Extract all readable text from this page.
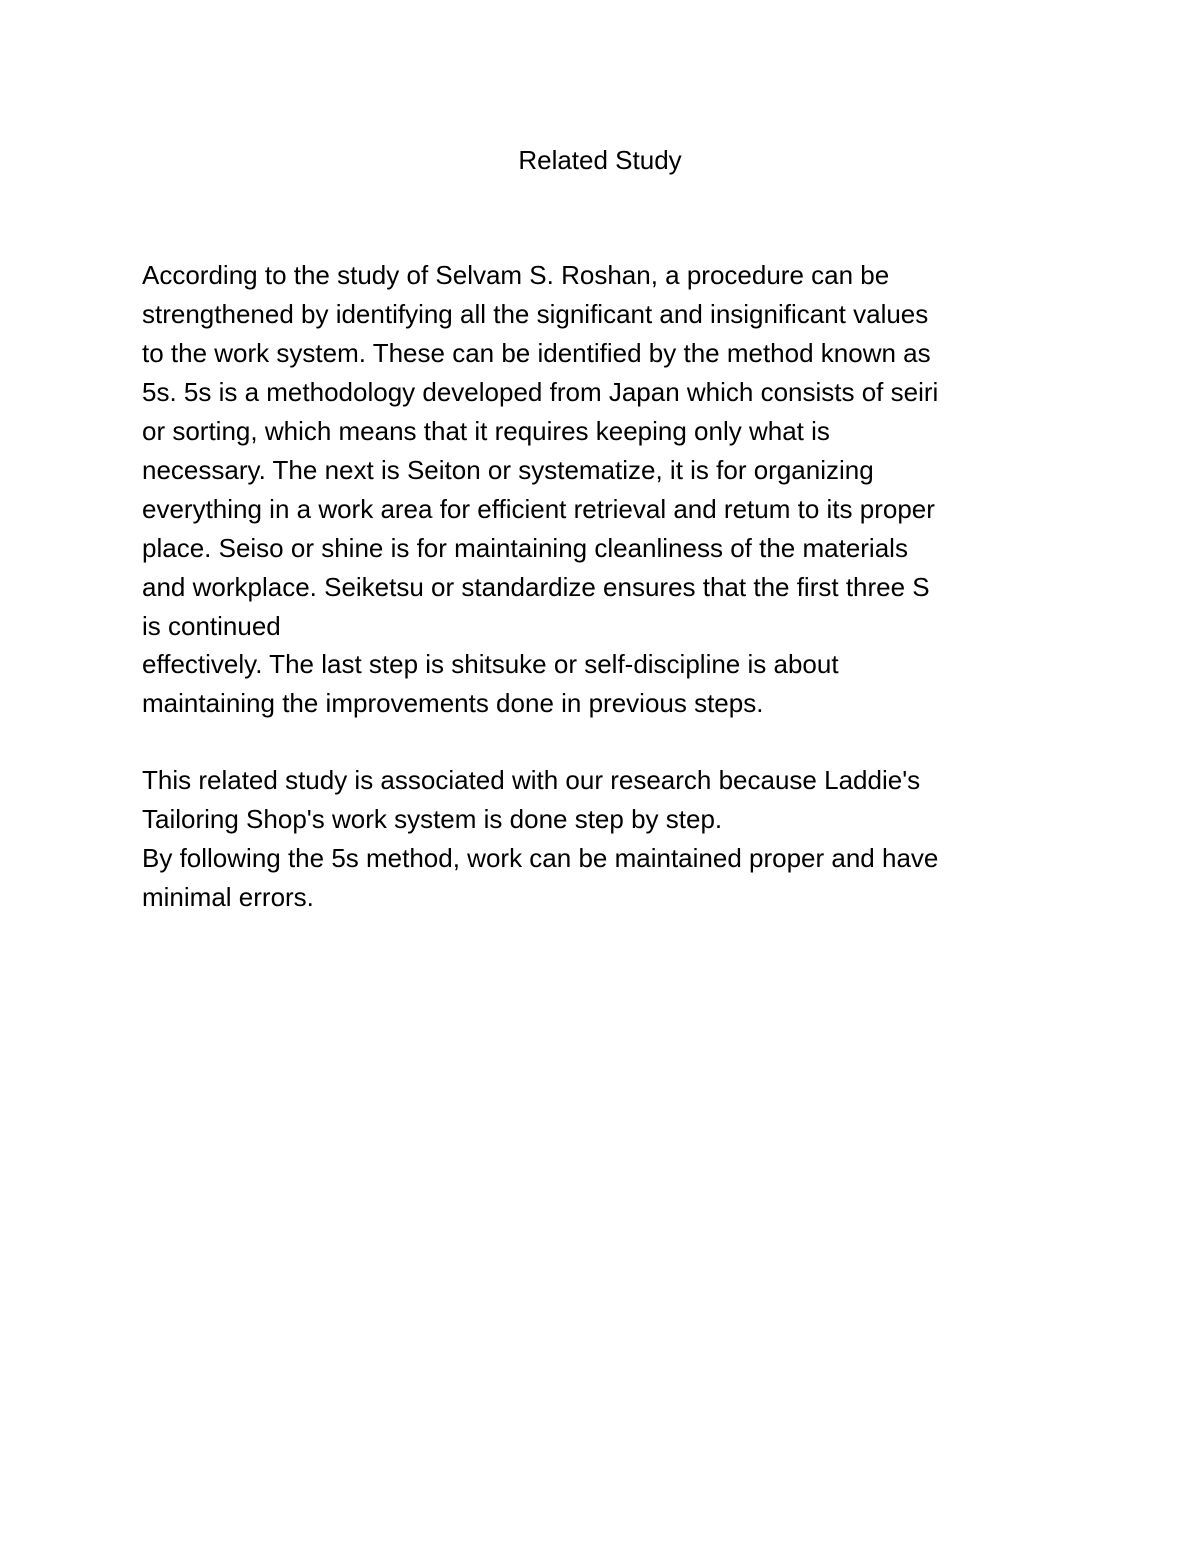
Related Study

According to the study of Selvam S. Roshan, a procedure can be

strengthened by identifying all the significant and insignificant values

to the work system. These can be identified by the method known as

5s. 5s is a methodology developed from Japan which consists of seiri

or sorting, which means that it requires keeping only what is

necessary. The next is Seiton or systematize, it is for organizing

everything in a work area for efficient retrieval and retum to its proper

place. Seiso or shine is for maintaining cleanliness of the materials

and workplace. Seiketsu or standardize ensures that the first three S

is continued

effectively. The last step is shitsuke or self-discipline is about

maintaining the improvements done in previous steps.

This related study is associated with our research because Laddie's

Tailoring Shop's work system is done step by step.

By following the 5s method, work can be maintained proper and have

minimal errors.
